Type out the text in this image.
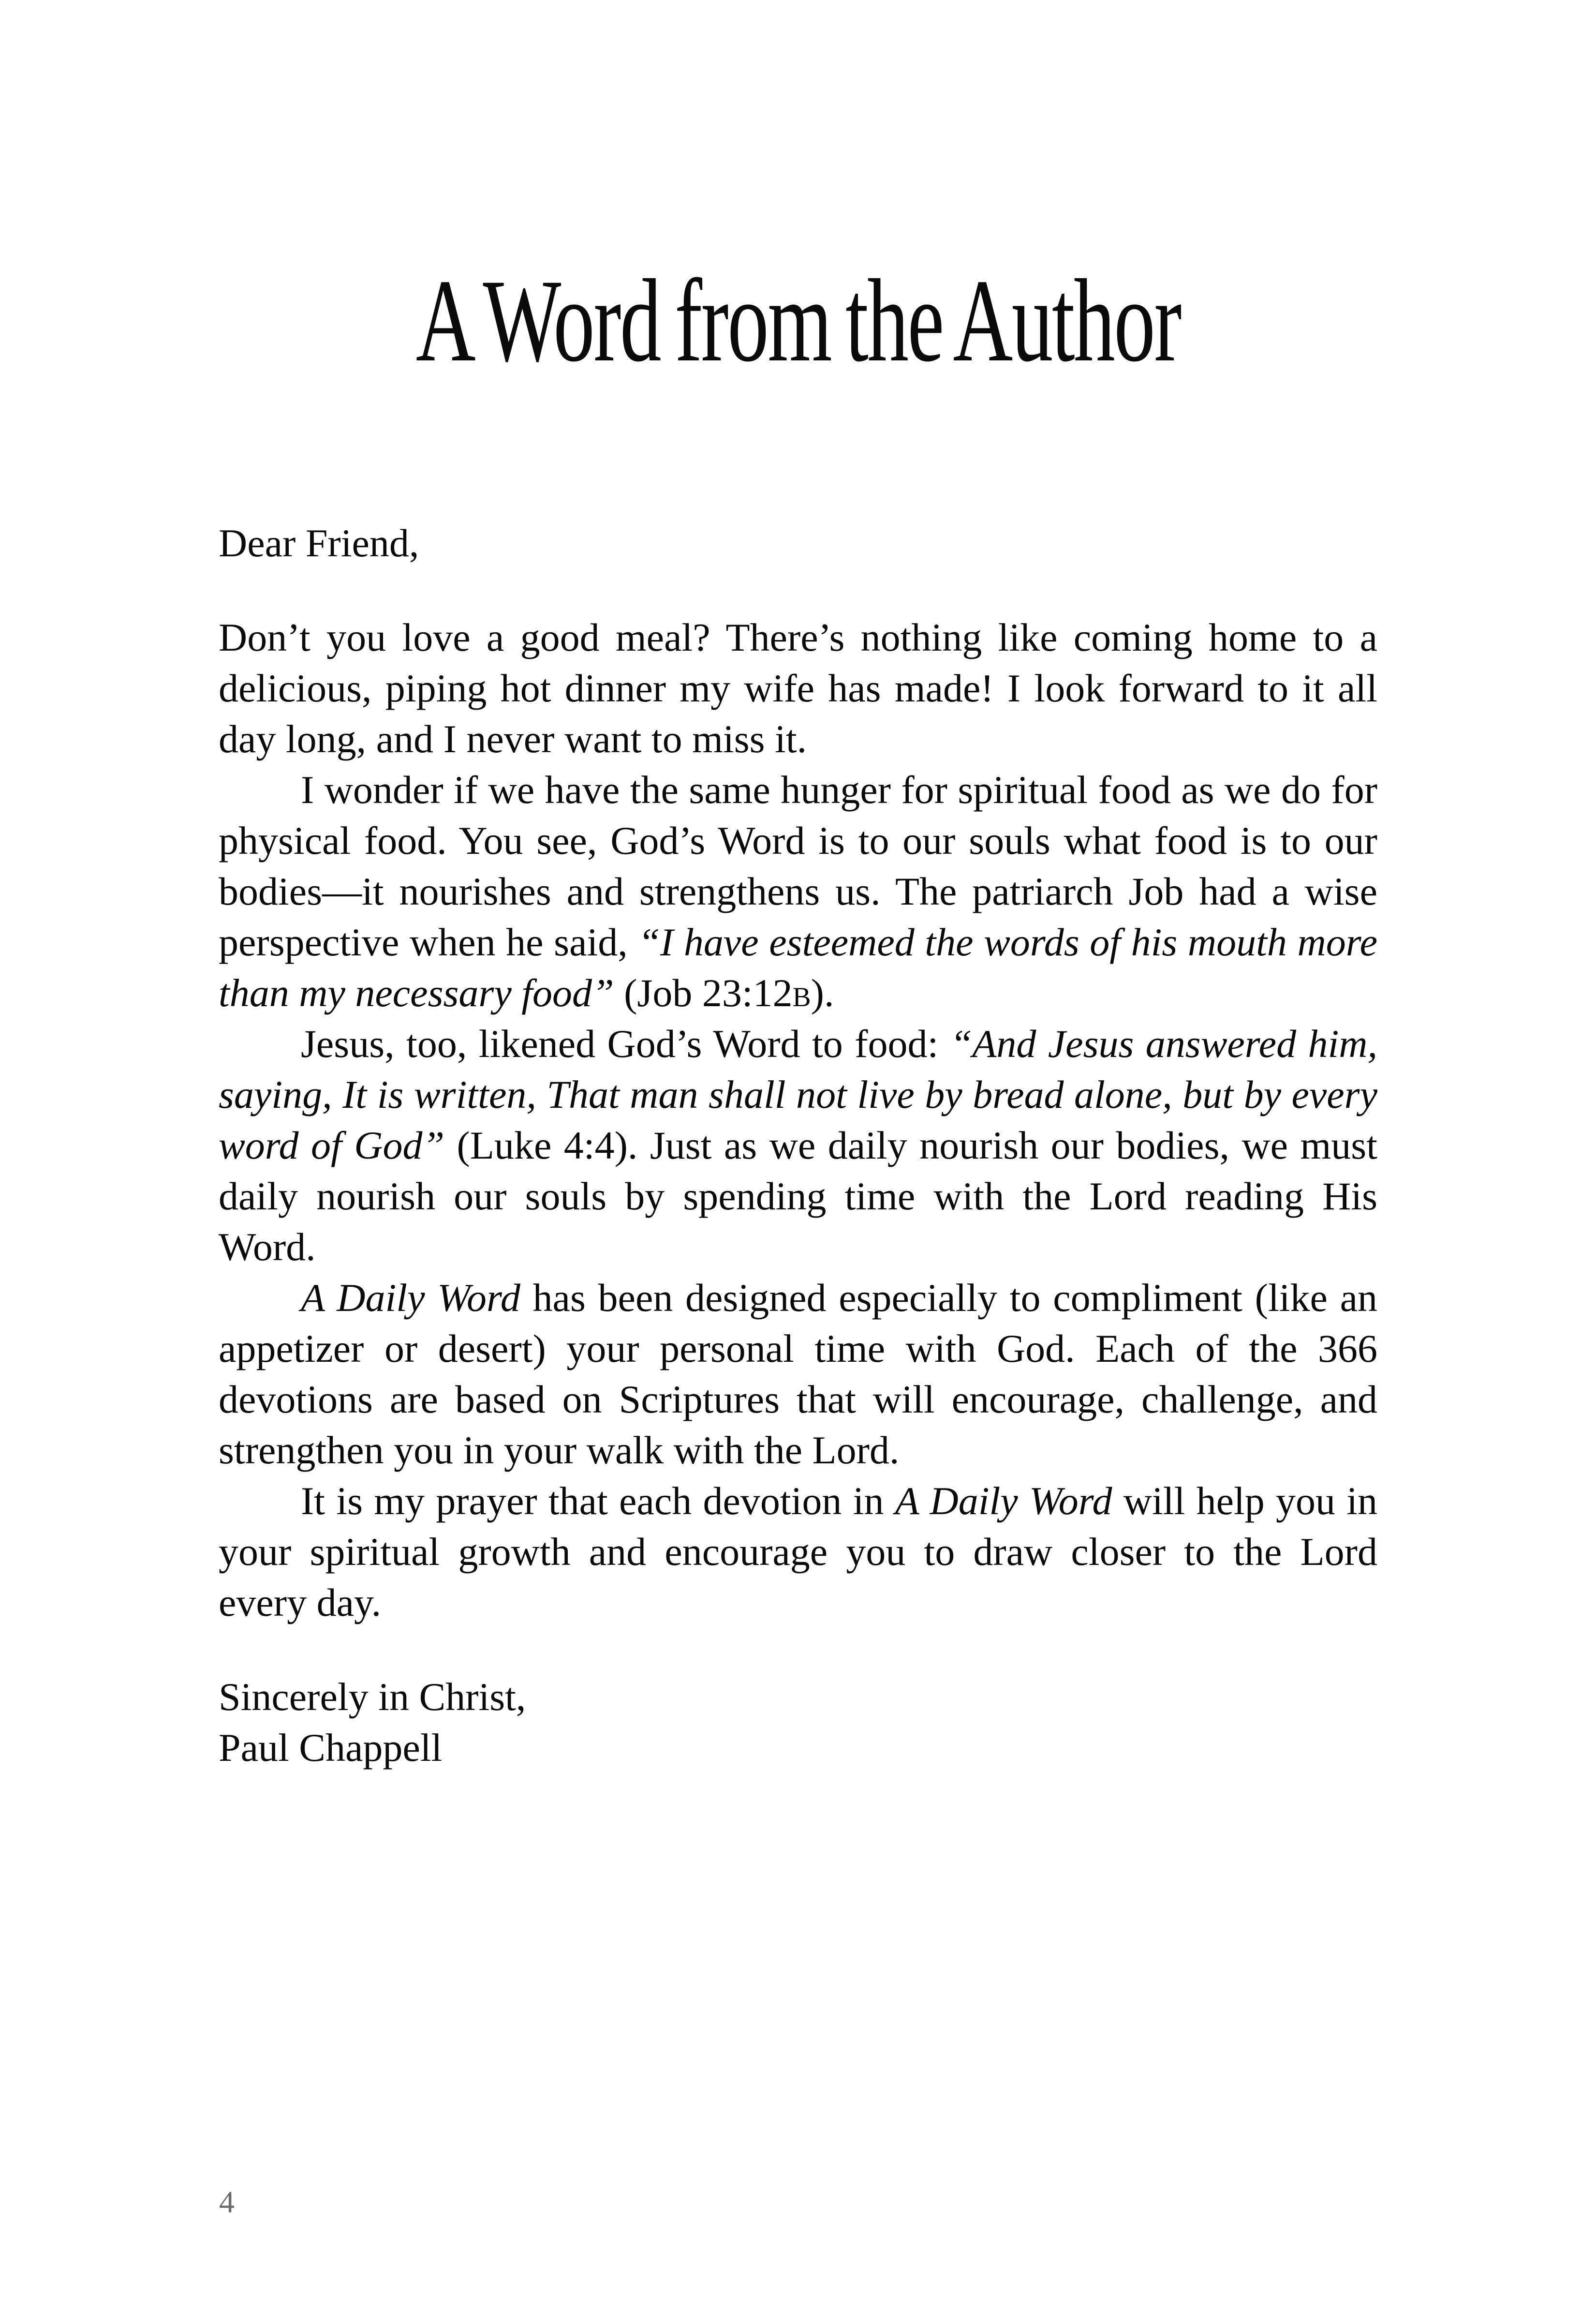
A Word from the Author

Dear Friend,

Don’t you love a good meal? There’s nothing like coming home to a delicious, piping hot dinner my wife has made! I look forward to it all day long, and I never want to miss it.

I wonder if we have the same hunger for spiritual food as we do for physical food. You see, God’s Word is to our souls what food is to our bodies—it nourishes and strengthens us. The patriarch Job had a wise perspective when he said, “I have esteemed the words of his mouth more than my necessary food” (Job 23:12b).

Jesus, too, likened God’s Word to food: “And Jesus answered him, saying, It is written, That man shall not live by bread alone, but by every word of God” (Luke 4:4). Just as we daily nourish our bodies, we must daily nourish our souls by spending time with the Lord reading His Word.

A Daily Word has been designed especially to compliment (like an appetizer or desert) your personal time with God. Each of the 366 devotions are based on Scriptures that will encourage, challenge, and strengthen you in your walk with the Lord.

It is my prayer that each devotion in A Daily Word will help you in your spiritual growth and encourage you to draw closer to the Lord every day.

Sincerely in Christ,

Paul Chappell

4
